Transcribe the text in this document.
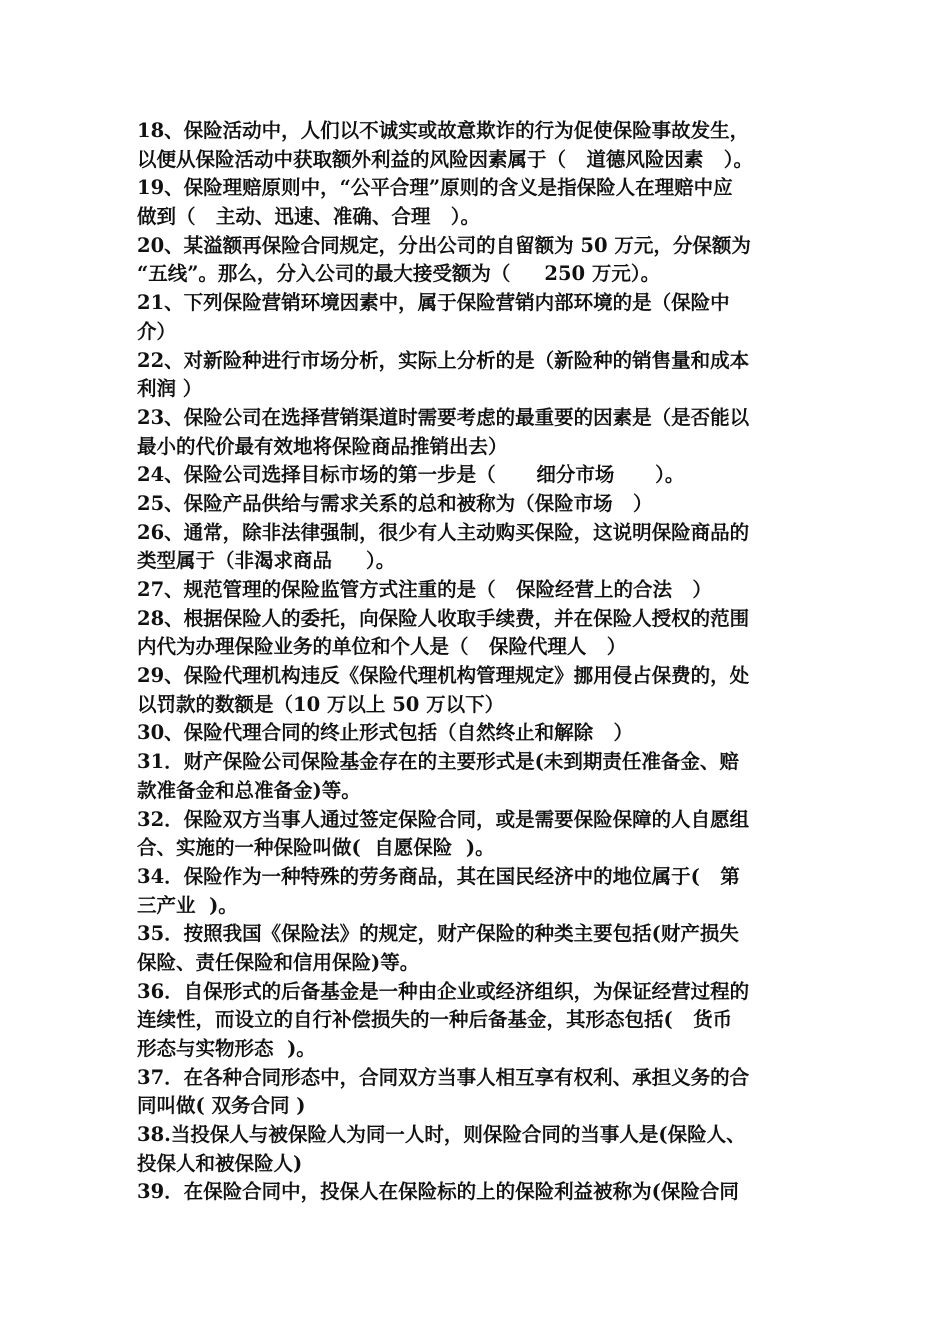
18、保险活动中，人们以不诚实或故意欺诈的行为促使保险事故发生，
以便从保险活动中获取额外利益的风险因素属于（   道德风险因素   ）。
19、保险理赔原则中，“公平合理”原则的含义是指保险人在理赔中应
做到（   主动、迅速、准确、合理   ）。
20、某溢额再保险合同规定，分出公司的自留额为 50 万元，分保额为
“五线”。那么，分入公司的最大接受额为（     250 万元）。
21、下列保险营销环境因素中，属于保险营销内部环境的是（保险中
介）
22、对新险种进行市场分析，实际上分析的是（新险种的销售量和成本
利润 ）
23、保险公司在选择营销渠道时需要考虑的最重要的因素是（是否能以
最小的代价最有效地将保险商品推销出去）
24、保险公司选择目标市场的第一步是（      细分市场      ）。
25、保险产品供给与需求关系的总和被称为（保险市场   ）
26、通常，除非法律强制，很少有人主动购买保险，这说明保险商品的
类型属于（非渴求商品     ）。
27、规范管理的保险监管方式注重的是（   保险经营上的合法   ）
28、根据保险人的委托，向保险人收取手续费，并在保险人授权的范围
内代为办理保险业务的单位和个人是（   保险代理人   ）
29、保险代理机构违反《保险代理机构管理规定》挪用侵占保费的，处
以罚款的数额是（10 万以上 50 万以下）
30、保险代理合同的终止形式包括（自然终止和解除   ）
31．财产保险公司保险基金存在的主要形式是(未到期责任准备金、赔
款准备金和总准备金)等。
32．保险双方当事人通过签定保险合同，或是需要保险保障的人自愿组
合、实施的一种保险叫做(  自愿保险  )。
34．保险作为一种特殊的劳务商品，其在国民经济中的地位属于(   第
三产业  )。
35．按照我国《保险法》的规定，财产保险的种类主要包括(财产损失
保险、责任保险和信用保险)等。
36．自保形式的后备基金是一种由企业或经济组织，为保证经营过程的
连续性，而设立的自行补偿损失的一种后备基金，其形态包括(   货币
形态与实物形态  )。
37．在各种合同形态中，合同双方当事人相互享有权利、承担义务的合
同叫做( 双务合同 )
38.当投保人与被保险人为同一人时，则保险合同的当事人是(保险人、
投保人和被保险人)
39．在保险合同中，投保人在保险标的上的保险利益被称为(保险合同
